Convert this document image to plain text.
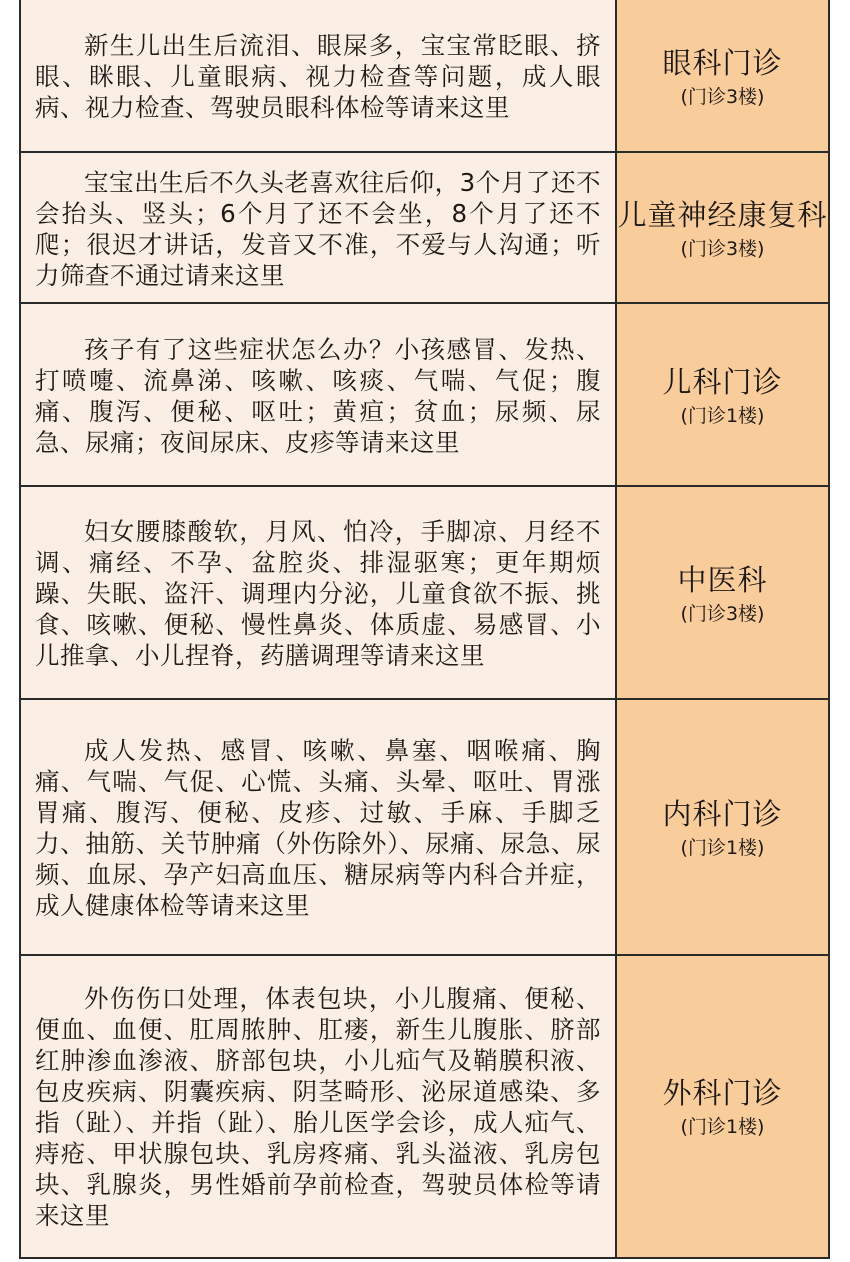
新生儿出生后流泪、眼屎多，宝宝常眨眼、挤眼、眯眼、儿童眼病、视力检查等问题，成人眼病、视力检查、驾驶员眼科体检等请来这里

眼科门诊
(门诊3楼)

宝宝出生后不久头老喜欢往后仰，3个月了还不会抬头、竖头；6个月了还不会坐，8个月了还不爬；很迟才讲话，发音又不准，不爱与人沟通；听力筛查不通过请来这里

儿童神经康复科
(门诊3楼)

孩子有了这些症状怎么办？小孩感冒、发热、打喷嚏、流鼻涕、咳嗽、咳痰、气喘、气促；腹痛、腹泻、便秘、呕吐；黄疸；贫血；尿频、尿急、尿痛；夜间尿床、皮疹等请来这里

儿科门诊
(门诊1楼)

妇女腰膝酸软，月风、怕冷，手脚凉、月经不调、痛经、不孕、盆腔炎、排湿驱寒；更年期烦躁、失眠、盗汗、调理内分泌，儿童食欲不振、挑食、咳嗽、便秘、慢性鼻炎、体质虚、易感冒、小儿推拿、小儿捏脊，药膳调理等请来这里

中医科
(门诊3楼)

成人发热、感冒、咳嗽、鼻塞、咽喉痛、胸痛、气喘、气促、心慌、头痛、头晕、呕吐、胃涨胃痛、腹泻、便秘、皮疹、过敏、手麻、手脚乏力、抽筋、关节肿痛（外伤除外）、尿痛、尿急、尿频、血尿、孕产妇高血压、糖尿病等内科合并症，成人健康体检等请来这里

内科门诊
(门诊1楼)

外伤伤口处理，体表包块，小儿腹痛、便秘、便血、血便、肛周脓肿、肛瘘，新生儿腹胀、脐部红肿渗血渗液、脐部包块，小儿疝气及鞘膜积液、包皮疾病、阴囊疾病、阴茎畸形、泌尿道感染、多指（趾）、并指（趾）、胎儿医学会诊，成人疝气、痔疮、甲状腺包块、乳房疼痛、乳头溢液、乳房包块、乳腺炎，男性婚前孕前检查，驾驶员体检等请来这里

外科门诊
(门诊1楼)
